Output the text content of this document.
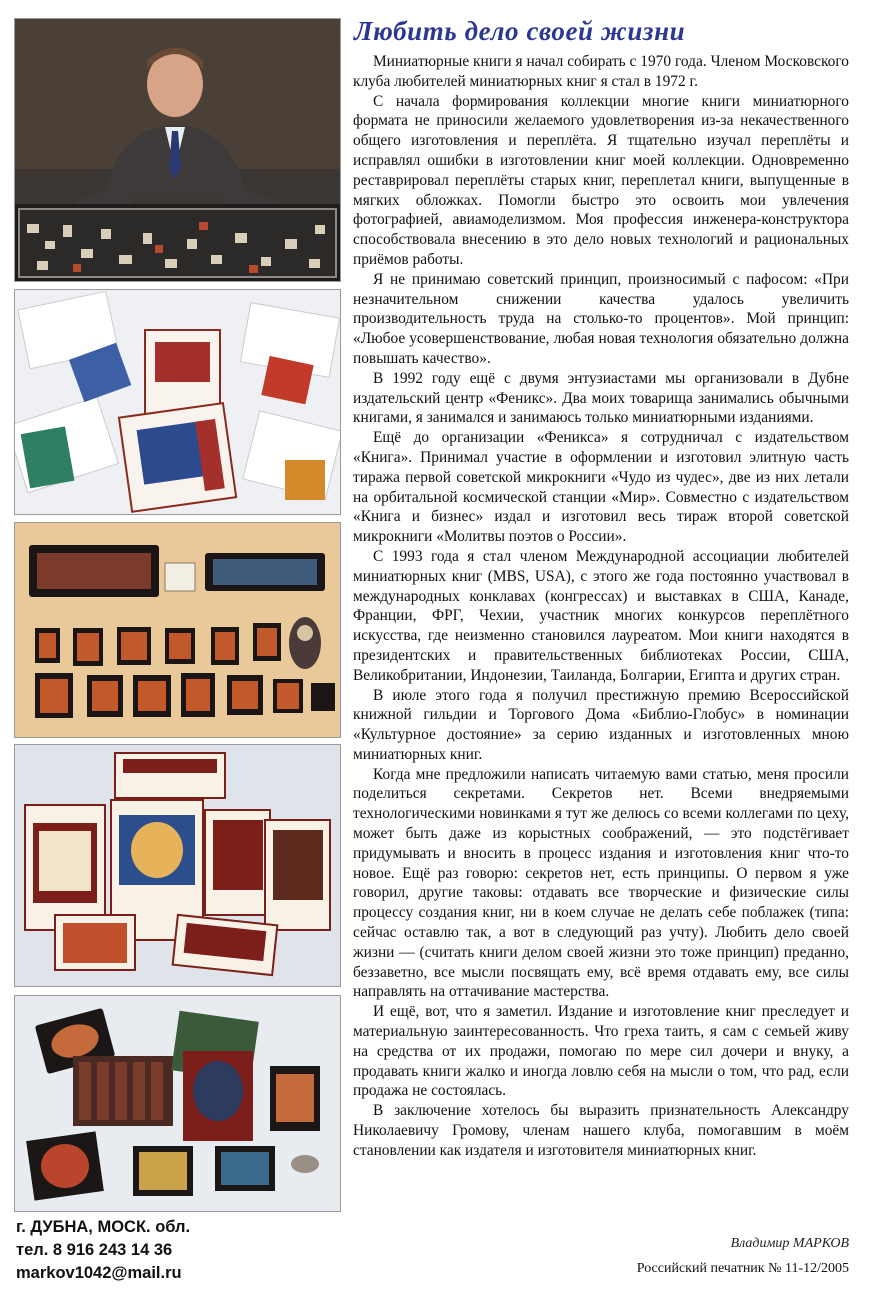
г. ДУБНА, МОСК. обл.
тел. 8 916 243 14 36
markov1042@mail.ru
Любить дело своей жизни

Миниатюрные книги я начал собирать с 1970 года. Членом Московского клуба любителей миниатюрных книг я стал в 1972 г.

С начала формирования коллекции многие книги миниатюрного формата не приносили желаемого удовлетворения из-за некачественного общего изготовления и переплёта. Я тщательно изучал переплёты и исправлял ошибки в изготовлении книг моей коллекции. Одновременно реставрировал переплёты старых книг, переплетал книги, выпущенные в мягких обложках. Помогли быстро это освоить мои увлечения фотографией, авиамоделизмом. Моя профессия инженера-конструктора способствовала внесению в это дело новых технологий и рациональных приёмов работы.

Я не принимаю советский принцип, произносимый с пафосом: «При незначительном снижении качества удалось увеличить производительность труда на столько-то процентов». Мой принцип: «Любое усовершенствование, любая новая технология обязательно должна повышать качество».

В 1992 году ещё с двумя энтузиастами мы организовали в Дубне издательский центр «Феникс». Два моих товарища занимались обычными книгами, я занимался и занимаюсь только миниатюрными изданиями.

Ещё до организации «Феникса» я сотрудничал с издательством «Книга». Принимал участие в оформлении и изготовил элитную часть тиража первой советской микрокниги «Чудо из чудес», две из них летали на орбитальной космической станции «Мир». Совместно с издательством «Книга и бизнес» издал и изготовил весь тираж второй советской микрокниги «Молитвы поэтов о России».

С 1993 года я стал членом Международной ассоциации любителей миниатюрных книг (MBS, USA), с этого же года постоянно участвовал в международных конклавах (конгрессах) и выставках в США, Канаде, Франции, ФРГ, Чехии, участник многих конкурсов переплётного искусства, где неизменно становился лауреатом. Мои книги находятся в президентских и правительственных библиотеках России, США, Великобритании, Индонезии, Таиланда, Болгарии, Египта и других стран.

В июле этого года я получил престижную премию Всероссийской книжной гильдии и Торгового Дома «Библио-Глобус» в номинации «Культурное достояние» за серию изданных и изготовленных мною миниатюрных книг.

Когда мне предложили написать читаемую вами статью, меня просили поделиться секретами. Секретов нет. Всеми внедряемыми технологическими новинками я тут же делюсь со всеми коллегами по цеху, может быть даже из корыстных соображений, — это подстёгивает придумывать и вносить в процесс издания и изготовления книг что-то новое. Ещё раз говорю: секретов нет, есть принципы. О первом я уже говорил, другие таковы: отдавать все творческие и физические силы процессу создания книг, ни в коем случае не делать себе поблажек (типа: сейчас оставлю так, а вот в следующий раз учту). Любить дело своей жизни — (считать книги делом своей жизни это тоже принцип) преданно, беззаветно, все мысли посвящать ему, всё время отдавать ему, все силы направлять на оттачивание мастерства.

И ещё, вот, что я заметил. Издание и изготовление книг преследует и материальную заинтересованность. Что греха таить, я сам с семьей живу на средства от их продажи, помогаю по мере сил дочери и внуку, а продавать книги жалко и иногда ловлю себя на мысли о том, что рад, если продажа не состоялась.

В заключение хотелось бы выразить признательность Александру Николаевичу Громову, членам нашего клуба, помогавшим в моём становлении как издателя и изготовителя миниатюрных книг.

Владимир МАРКОВ
Российский печатник № 11-12/2005
